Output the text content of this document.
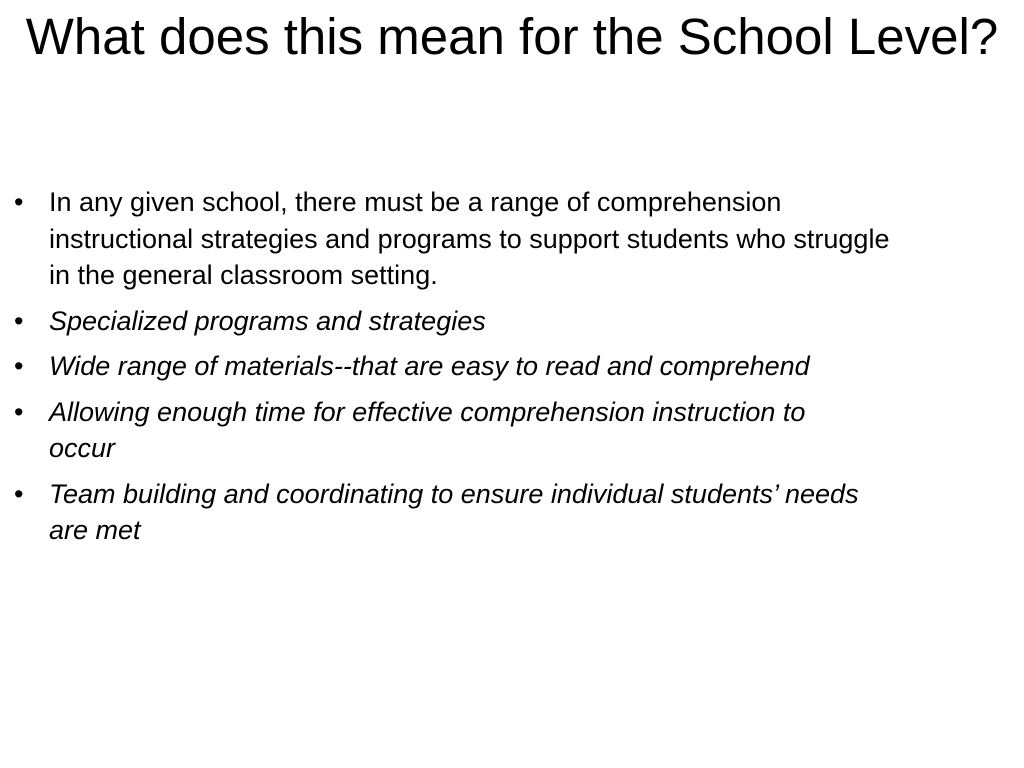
What does this mean for the School Level?
• In any given school, there must be a range of comprehension instructional strategies and programs to support students who struggle in the general classroom setting.
• Specialized programs and strategies
• Wide range of materials--that are easy to read and comprehend
• Allowing enough time for effective comprehension instruction to occur
• Team building and coordinating to ensure individual students’ needs are met
